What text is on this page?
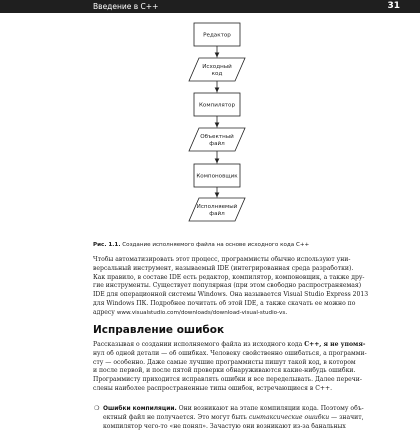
Введение в С++	31
Редактор
Исходный
код
Компилятор
Объектный
файл
Компоновщик
Исполняемый
файл
Рис. 1.1. Создание исполняемого файла на основе исходного кода С++
Чтобы автоматизировать этот процесс, программисты обычно используют уни-
версальный инструмент, называемый IDE (интегрированная среда разработки).
Как правило, в составе IDE есть редактор, компилятор, компоновщик, а также дру-
гие инструменты. Существует популярная (при этом свободно распространяемая)
IDE для операционной системы Windows. Она называется Visual Studio Express 2013
для Windows ПК. Подробнее почитать об этой IDE, а также скачать ее можно по
адресу www.visualstudio.com/downloads/download-visual-studio-vs.
Исправление ошибок
Рассказывая о создании исполняемого файла из исходного кода С++, я не упомя-
нул об одной детали — об ошибках. Человеку свойственно ошибаться, а программи-
сту — особенно. Даже самые лучшие программисты пишут такой код, в котором
и после первой, и после пятой проверки обнаруживаются какие-нибудь ошибки.
Программисту приходится исправлять ошибки и все переделывать. Далее перечи-
слены наиболее распространенные типы ошибок, встречающиеся в С++.
❍ Ошибки компиляции. Они возникают на этапе компиляции кода. Поэтому объ-
ектный файл не получается. Это могут быть синтаксические ошибки — значит,
компилятор чего-то «не понял». Зачастую они возникают из-за банальных
